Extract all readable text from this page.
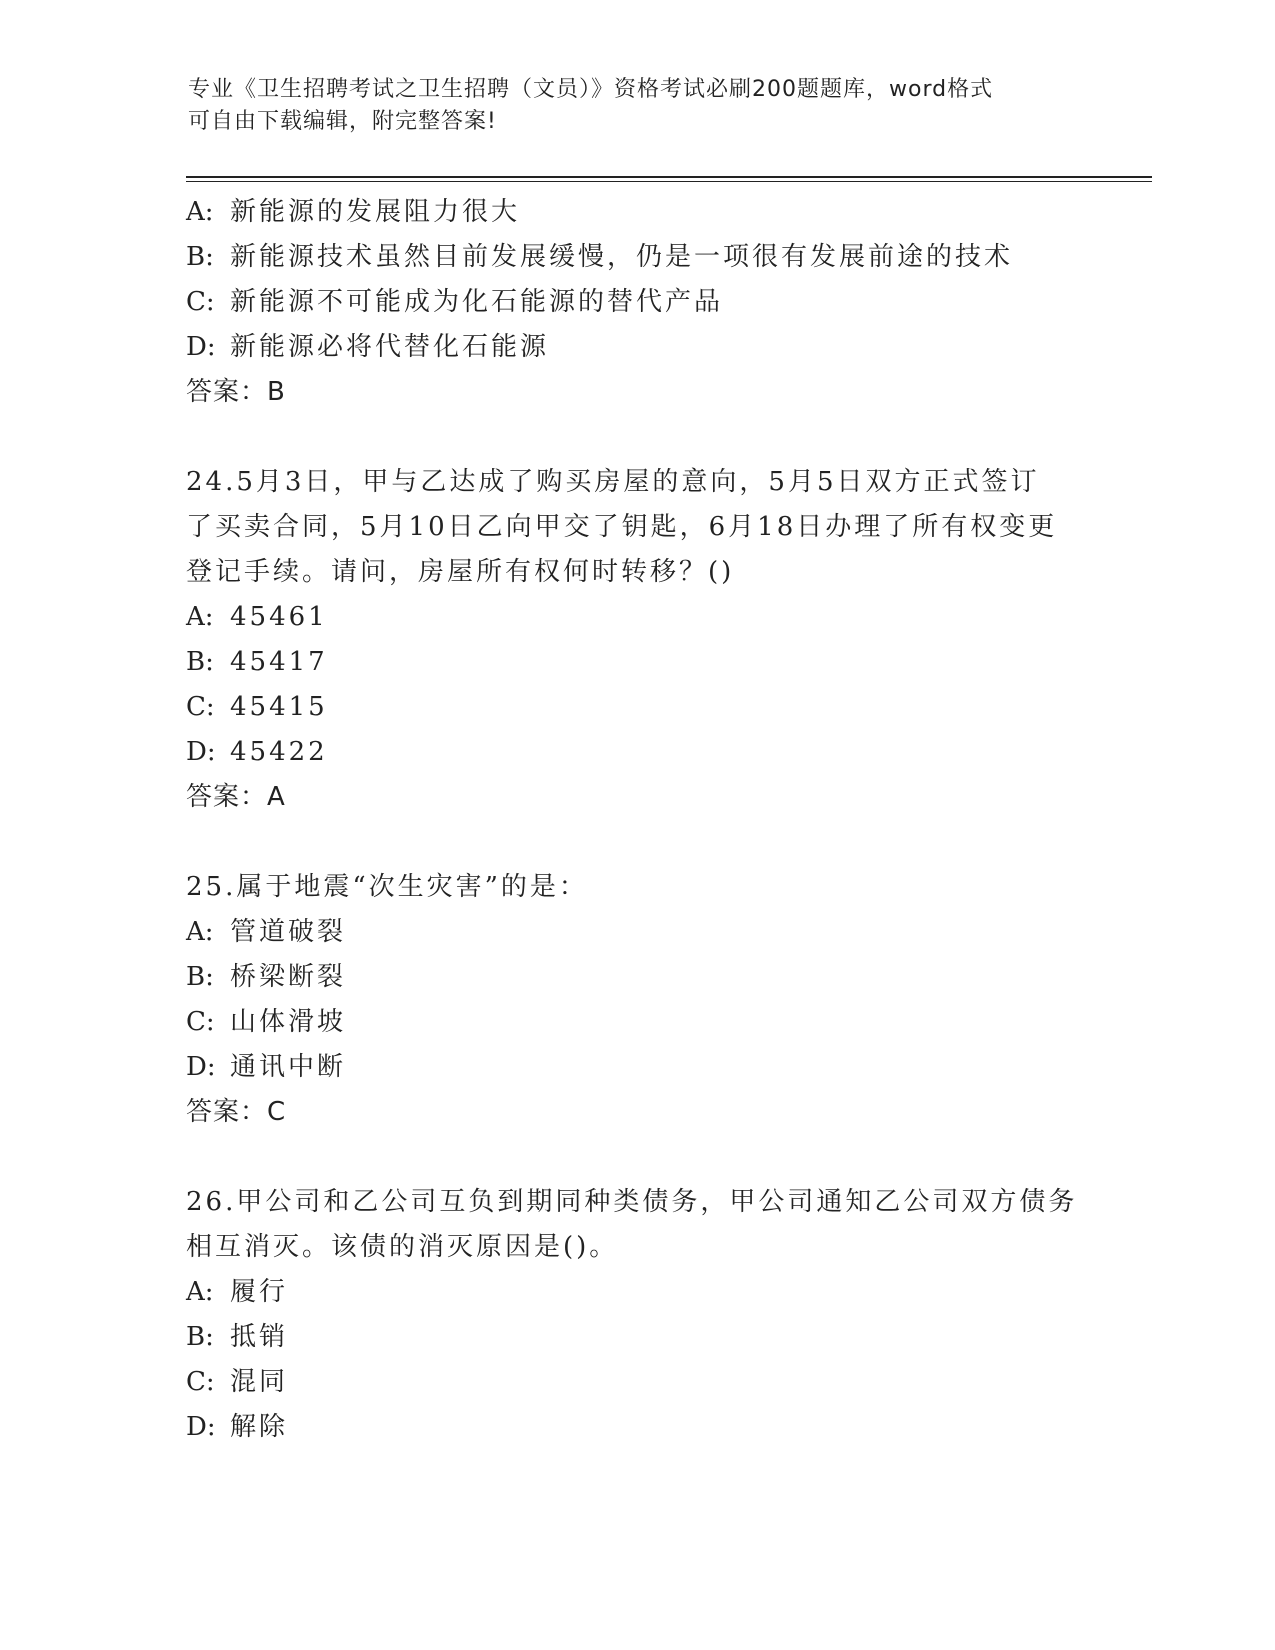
专业《卫生招聘考试之卫生招聘（文员）》资格考试必刷200题题库，word格式
可自由下载编辑，附完整答案!
A: 新能源的发展阻力很大
B: 新能源技术虽然目前发展缓慢，仍是一项很有发展前途的技术
C: 新能源不可能成为化石能源的替代产品
D: 新能源必将代替化石能源
答案：B
24.5月3日，甲与乙达成了购买房屋的意向，5月5日双方正式签订
了买卖合同，5月10日乙向甲交了钥匙，6月18日办理了所有权变更
登记手续。请问，房屋所有权何时转移？()
A: 45461
B: 45417
C: 45415
D: 45422
答案：A
25.属于地震“次生灾害”的是：
A: 管道破裂
B: 桥梁断裂
C: 山体滑坡
D: 通讯中断
答案：C
26.甲公司和乙公司互负到期同种类债务，甲公司通知乙公司双方债务
相互消灭。该债的消灭原因是()。
A: 履行
B: 抵销
C: 混同
D: 解除
